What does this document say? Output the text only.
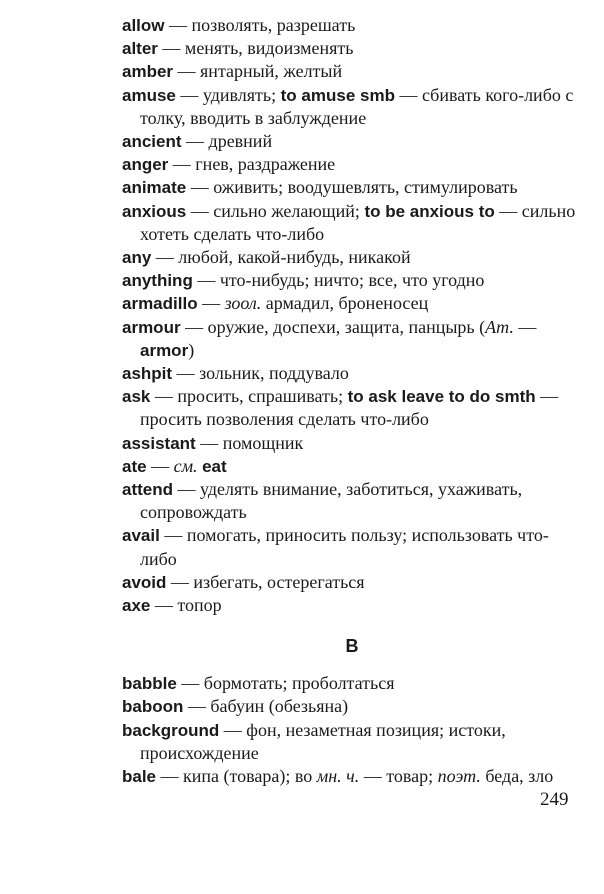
allow — позволять, разрешать

alter — менять, видоизменять

amber — янтарный, желтый

amuse — удивлять; to amuse smb — сбивать кого-либо с толку, вводить в заблуждение

ancient — древний

anger — гнев, раздражение

animate — оживить; воодушевлять, стимулировать

anxious — сильно желающий; to be anxious to — сильно хотеть сделать что-либо

any — любой, какой-нибудь, никакой

anything — что-нибудь; ничто; все, что угодно

armadillo — зоол. армадил, броненосец

armour — оружие, доспехи, защита, панцырь (Ат. — armor)

ashpit — зольник, поддувало

ask — просить, спрашивать; to ask leave to do smth — просить позволения сделать что-либо

assistant — помощник

ate — см. eat

attend — уделять внимание, заботиться, ухаживать, сопровождать

avail — помогать, приносить пользу; использовать что-либо

avoid — избегать, остерегаться

axe — топор

B

babble — бормотать; проболтаться

baboon — бабуин (обезьяна)

background — фон, незаметная позиция; истоки, происхождение

bale — кипа (товара); во мн. ч. — товар; поэт. беда, зло

249
